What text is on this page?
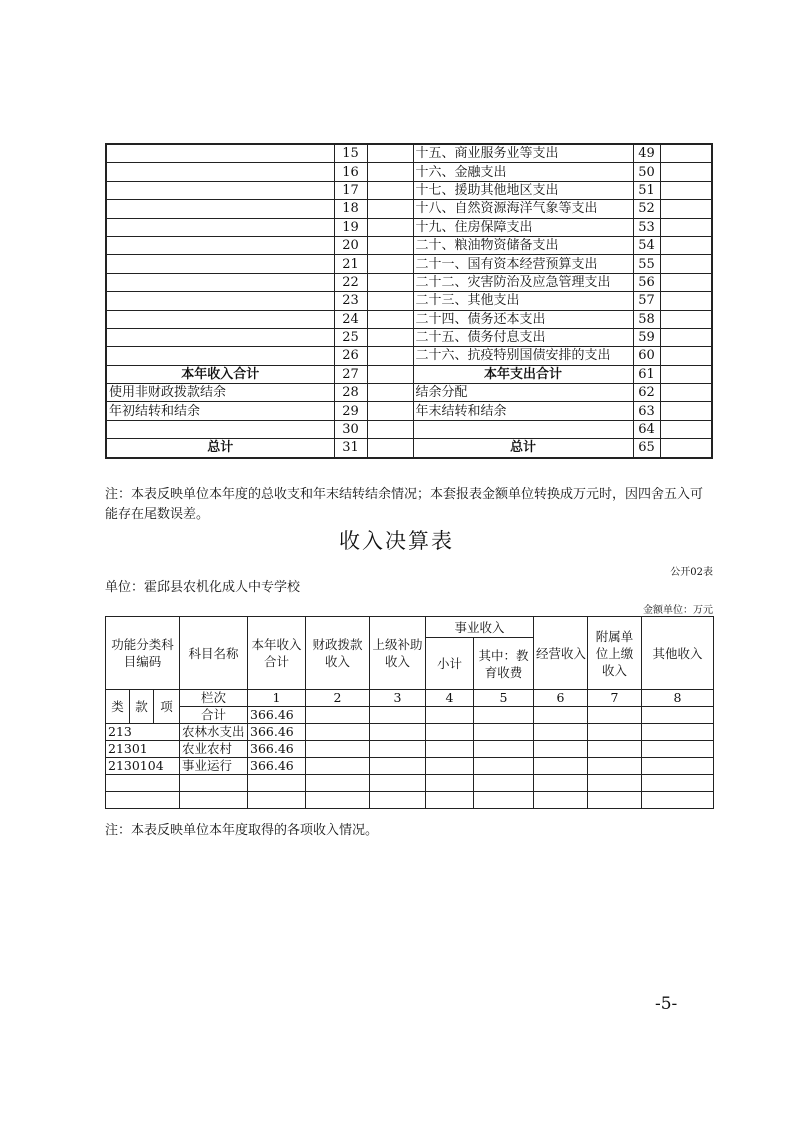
	15		十五、商业服务业等支出	49	
	16		十六、金融支出	50	
	17		十七、援助其他地区支出	51	
	18		十八、自然资源海洋气象等支出	52	
	19		十九、住房保障支出	53	
	20		二十、粮油物资储备支出	54	
	21		二十一、国有资本经营预算支出	55	
	22		二十二、灾害防治及应急管理支出	56	
	23		二十三、其他支出	57	
	24		二十四、债务还本支出	58	
	25		二十五、债务付息支出	59	
	26		二十六、抗疫特别国债安排的支出	60	
本年收入合计	27		本年支出合计	61	
使用非财政拨款结余	28		结余分配	62	
年初结转和结余	29		年末结转和结余	63	
	30			64	
总计	31		总计	65	
注：本表反映单位本年度的总收支和年末结转结余情况；本套报表金额单位转换成万元时，因四舍五入可能存在尾数误差。
收入决算表
公开02表
单位：霍邱县农机化成人中专学校
金额单位：万元
功能分类科目编码			科目名称	本年收入合计	财政拨款收入	上级补助收入	事业收入		经营收入	附属单位上缴收入	其他收入
							小计	其中：教育收费			
类	款	项	栏次	1	2	3	4	5	6	7	8
			合计	366.46							
213			农林水支出	366.46							
21301			农业农村	366.46							
2130104			事业运行	366.46							

注：本表反映单位本年度取得的各项收入情况。
-5-
